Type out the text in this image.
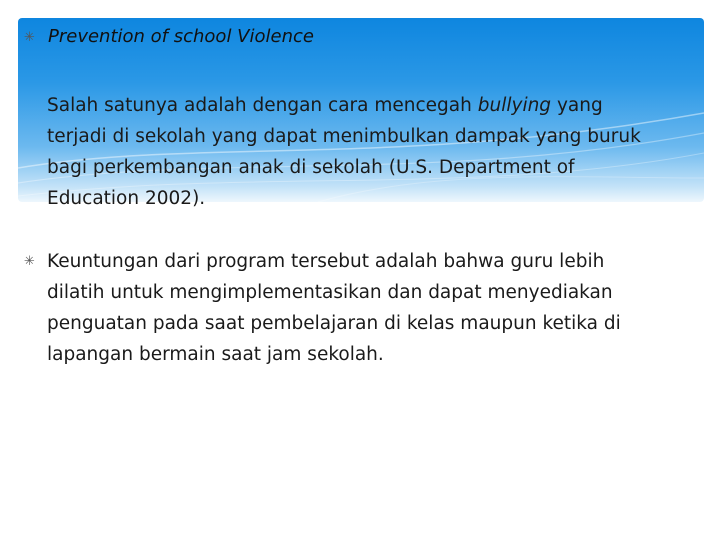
✳ Prevention of school Violence
Salah satunya adalah dengan cara mencegah bullying yang
terjadi di sekolah yang dapat menimbulkan dampak yang buruk
bagi perkembangan anak di sekolah (U.S. Department of
Education 2002).
✳ Keuntungan dari program tersebut adalah bahwa guru lebih
dilatih untuk mengimplementasikan dan dapat menyediakan
penguatan pada saat pembelajaran di kelas maupun ketika di
lapangan bermain saat jam sekolah.
